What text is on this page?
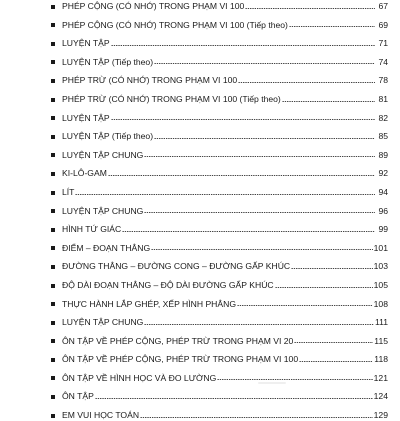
PHÉP CỘNG (CÓ NHỚ) TRONG PHẠM VI 100	67
PHÉP CỘNG (CÓ NHỚ) TRONG PHẠM VI 100 (Tiếp theo)	69
LUYỆN TẬP	71
LUYỆN TẬP (Tiếp theo)	74
PHÉP TRỪ (CÓ NHỚ) TRONG PHẠM VI 100	78
PHÉP TRỪ (CÓ NHỚ) TRONG PHẠM VI 100 (Tiếp theo)	81
LUYỆN TẬP	82
LUYỆN TẬP (Tiếp theo)	85
LUYỆN TẬP CHUNG	89
KI-LÔ-GAM	92
LÍT	94
LUYỆN TẬP CHUNG	96
HÌNH TỨ GIÁC	99
ĐIỂM – ĐOẠN THẲNG	101
ĐƯỜNG THẲNG – ĐƯỜNG CONG – ĐƯỜNG GẤP KHÚC	103
ĐỘ DÀI ĐOẠN THẲNG – ĐỘ DÀI ĐƯỜNG GẤP KHÚC	105
THỰC HÀNH LẮP GHÉP, XẾP HÌNH PHẲNG	108
LUYỆN TẬP CHUNG	111
ÔN TẬP VỀ PHÉP CỘNG, PHÉP TRỪ TRONG PHẠM VI 20	115
ÔN TẬP VỀ PHÉP CỘNG, PHÉP TRỪ TRONG PHẠM VI 100	118
ÔN TẬP VỀ HÌNH HỌC VÀ ĐO LƯỜNG	121
ÔN TẬP	124
EM VUI HỌC TOÁN	129
